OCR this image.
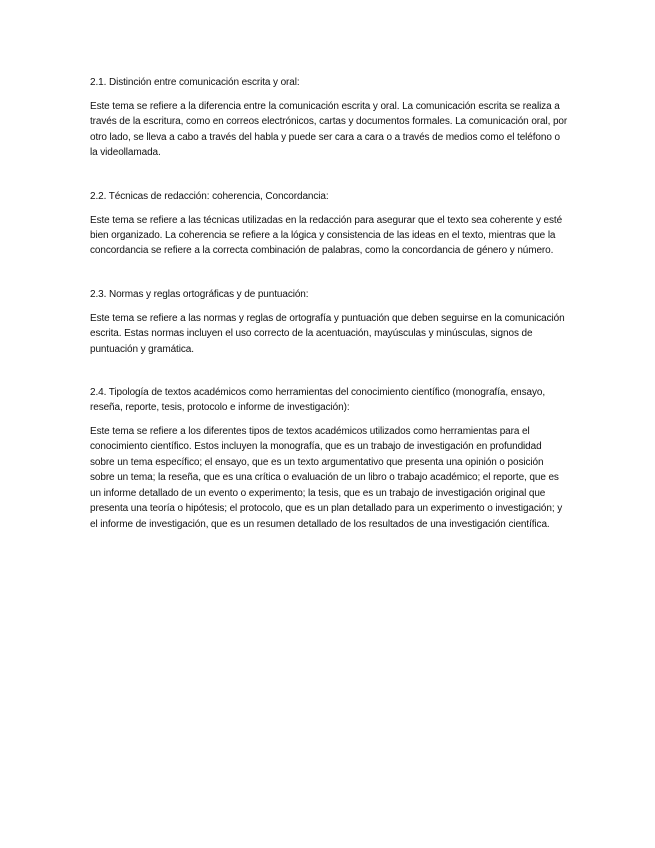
2.1. Distinción entre comunicación escrita y oral:

Este tema se refiere a la diferencia entre la comunicación escrita y oral. La comunicación escrita se realiza a través de la escritura, como en correos electrónicos, cartas y documentos formales. La comunicación oral, por otro lado, se lleva a cabo a través del habla y puede ser cara a cara o a través de medios como el teléfono o la videollamada.

2.2. Técnicas de redacción: coherencia, Concordancia:

Este tema se refiere a las técnicas utilizadas en la redacción para asegurar que el texto sea coherente y esté bien organizado. La coherencia se refiere a la lógica y consistencia de las ideas en el texto, mientras que la concordancia se refiere a la correcta combinación de palabras, como la concordancia de género y número.

2.3. Normas y reglas ortográficas y de puntuación:

Este tema se refiere a las normas y reglas de ortografía y puntuación que deben seguirse en la comunicación escrita. Estas normas incluyen el uso correcto de la acentuación, mayúsculas y minúsculas, signos de puntuación y gramática.

2.4. Tipología de textos académicos como herramientas del conocimiento científico (monografía, ensayo, reseña, reporte, tesis, protocolo e informe de investigación):

Este tema se refiere a los diferentes tipos de textos académicos utilizados como herramientas para el conocimiento científico. Estos incluyen la monografía, que es un trabajo de investigación en profundidad sobre un tema específico; el ensayo, que es un texto argumentativo que presenta una opinión o posición sobre un tema; la reseña, que es una crítica o evaluación de un libro o trabajo académico; el reporte, que es un informe detallado de un evento o experimento; la tesis, que es un trabajo de investigación original que presenta una teoría o hipótesis; el protocolo, que es un plan detallado para un experimento o investigación; y el informe de investigación, que es un resumen detallado de los resultados de una investigación científica.
